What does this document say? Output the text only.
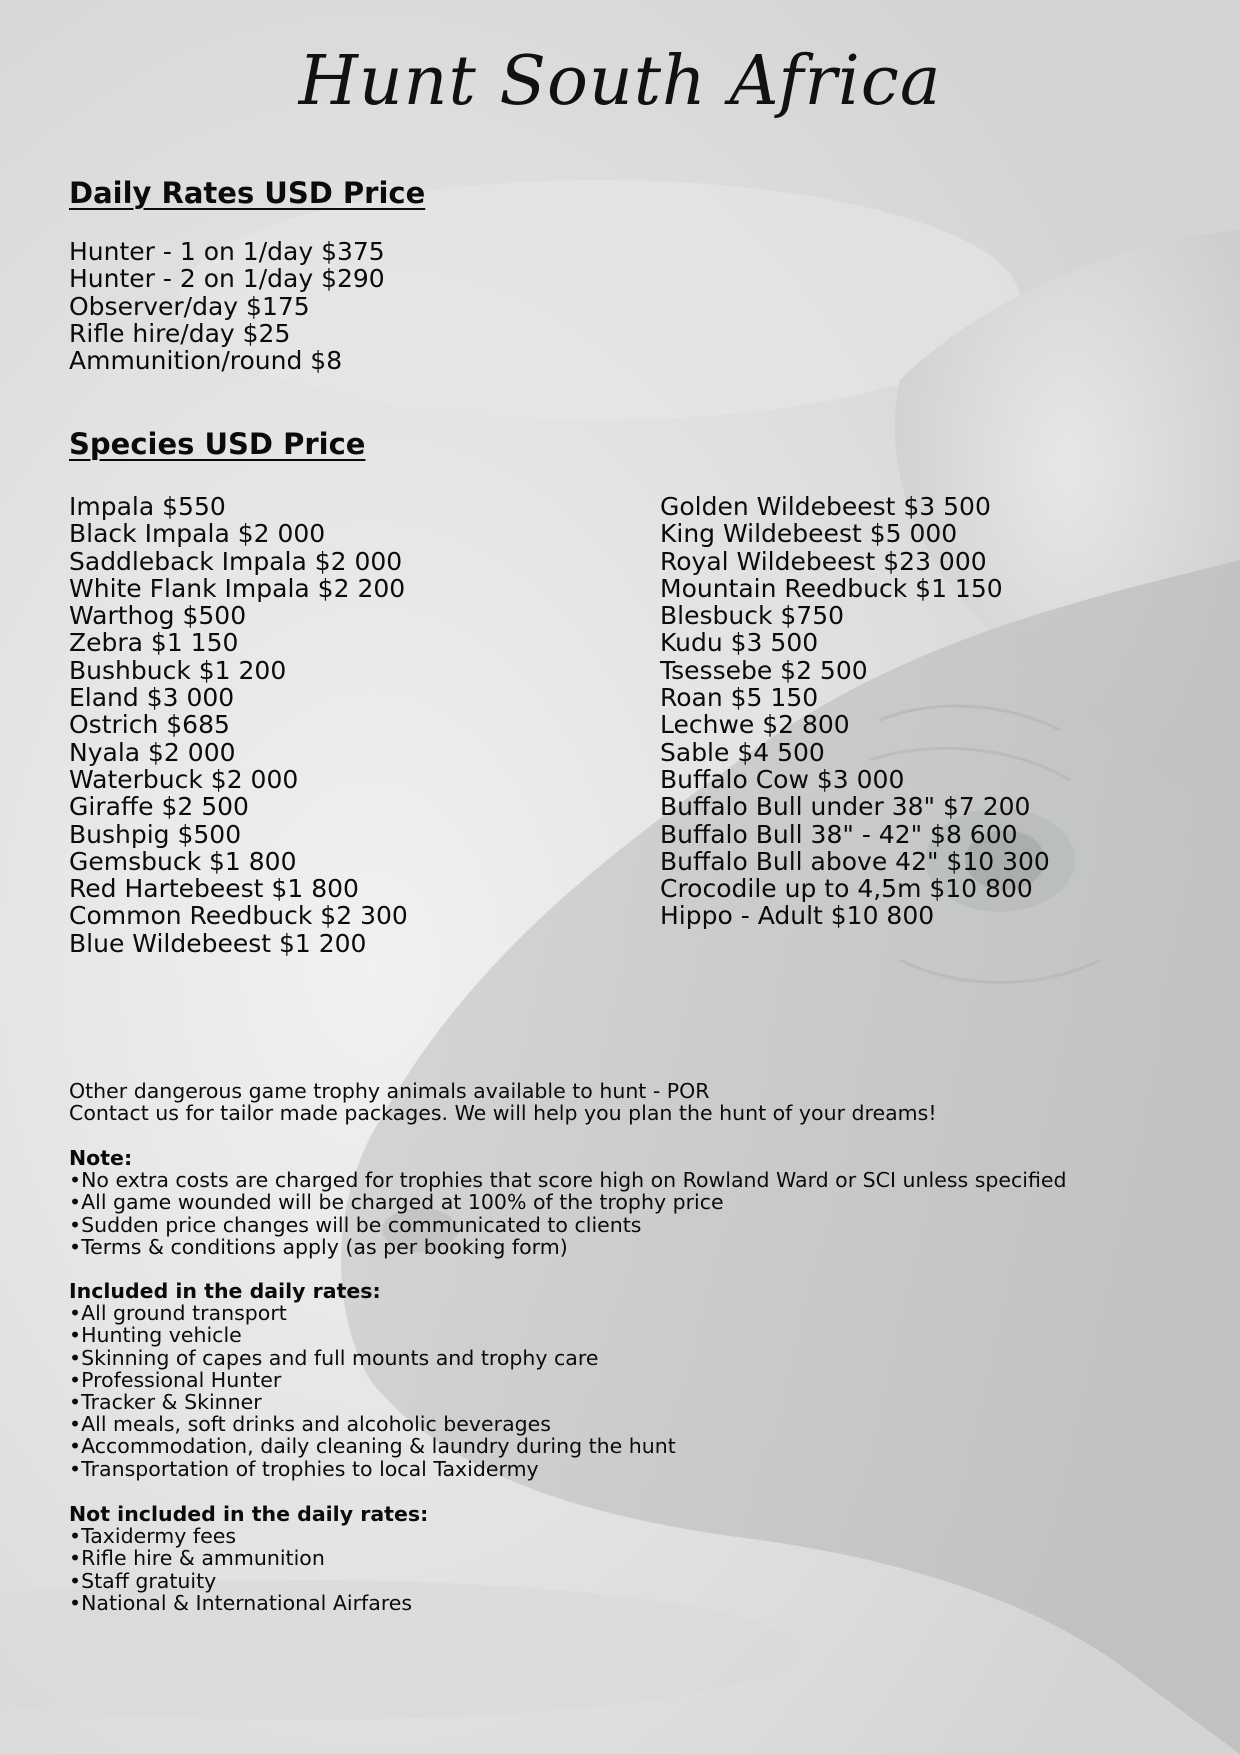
Hunt South Africa
Daily Rates USD Price
Hunter - 1 on 1/day $375
Hunter - 2 on 1/day $290
Observer/day $175
Rifle hire/day $25
Ammunition/round $8
Species USD Price
Impala $550
Black Impala $2 000
Saddleback Impala $2 000
White Flank Impala $2 200
Warthog $500
Zebra $1 150
Bushbuck $1 200
Eland $3 000
Ostrich $685
Nyala $2 000
Waterbuck $2 000
Giraffe $2 500
Bushpig $500
Gemsbuck $1 800
Red Hartebeest $1 800
Common Reedbuck $2 300
Blue Wildebeest $1 200
Golden Wildebeest $3 500
King Wildebeest $5 000
Royal Wildebeest $23 000
Mountain Reedbuck $1 150
Blesbuck $750
Kudu $3 500
Tsessebe $2 500
Roan $5 150
Lechwe $2 800
Sable $4 500
Buffalo Cow $3 000
Buffalo Bull under 38" $7 200
Buffalo Bull 38" - 42" $8 600
Buffalo Bull above 42" $10 300
Crocodile up to 4,5m $10 800
Hippo - Adult $10 800

Other dangerous game trophy animals available to hunt - POR

Contact us for tailor made packages. We will help you plan the hunt of your dreams!

Note:

• No extra costs are charged for trophies that score high on Rowland Ward or SCI unless specified
• All game wounded will be charged at 100% of the trophy price
• Sudden price changes will be communicated to clients
• Terms & conditions apply (as per booking form)

Included in the daily rates:

• All ground transport
• Hunting vehicle
• Skinning of capes and full mounts and trophy care
• Professional Hunter
• Tracker & Skinner
• All meals, soft drinks and alcoholic beverages
• Accommodation, daily cleaning & laundry during the hunt
• Transportation of trophies to local Taxidermy

Not included in the daily rates:

• Taxidermy fees
• Rifle hire & ammunition
• Staff gratuity
• National & International Airfares
